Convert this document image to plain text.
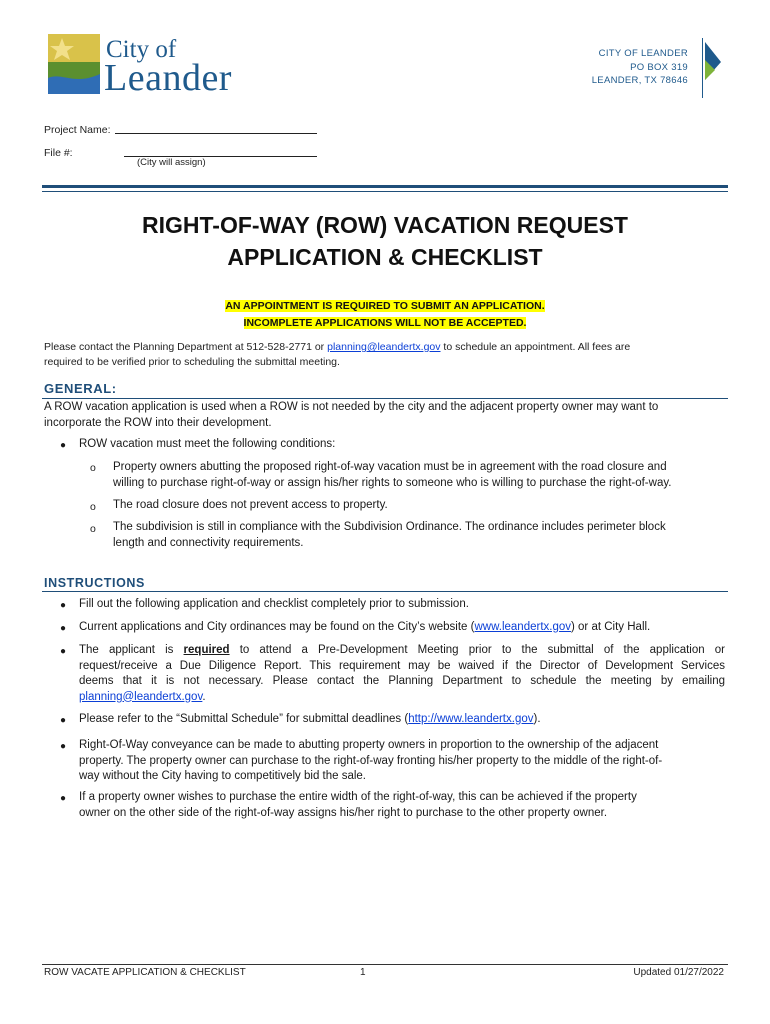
City of
Leander
CITY OF LEANDER
PO BOX 319
LEANDER, TX 78646
Project Name:
File #:
(City will assign)
RIGHT-OF-WAY (ROW) VACATION REQUEST
APPLICATION & CHECKLIST
AN APPOINTMENT IS REQUIRED TO SUBMIT AN APPLICATION.
INCOMPLETE APPLICATIONS WILL NOT BE ACCEPTED.
Please contact the Planning Department at 512-528-2771 or planning@leandertx.gov to schedule an appointment. All fees are
required to be verified prior to scheduling the submittal meeting.
GENERAL:
A ROW vacation application is used when a ROW is not needed by the city and the adjacent property owner may want to
incorporate the ROW into their development.
● ROW vacation must meet the following conditions:
o Property owners abutting the proposed right-of-way vacation must be in agreement with the road closure and
willing to purchase right-of-way or assign his/her rights to someone who is willing to purchase the right-of-way.
o The road closure does not prevent access to property.
o The subdivision is still in compliance with the Subdivision Ordinance. The ordinance includes perimeter block
length and connectivity requirements.
INSTRUCTIONS
● Fill out the following application and checklist completely prior to submission.
● Current applications and City ordinances may be found on the City’s website (www.leandertx.gov) or at City Hall.
● The applicant is required to attend a Pre-Development Meeting prior to the submittal of the application or
request/receive a Due Diligence Report. This requirement may be waived if the Director of Development Services
deems that it is not necessary. Please contact the Planning Department to schedule the meeting by emailing
planning@leandertx.gov.
● Please refer to the “Submittal Schedule” for submittal deadlines (http://www.leandertx.gov).
● Right-Of-Way conveyance can be made to abutting property owners in proportion to the ownership of the adjacent
property. The property owner can purchase to the right-of-way fronting his/her property to the middle of the right-of-
way without the City having to competitively bid the sale.
● If a property owner wishes to purchase the entire width of the right-of-way, this can be achieved if the property
owner on the other side of the right-of-way assigns his/her right to purchase to the other property owner.
ROW VACATE APPLICATION & CHECKLIST	1	Updated 01/27/2022
